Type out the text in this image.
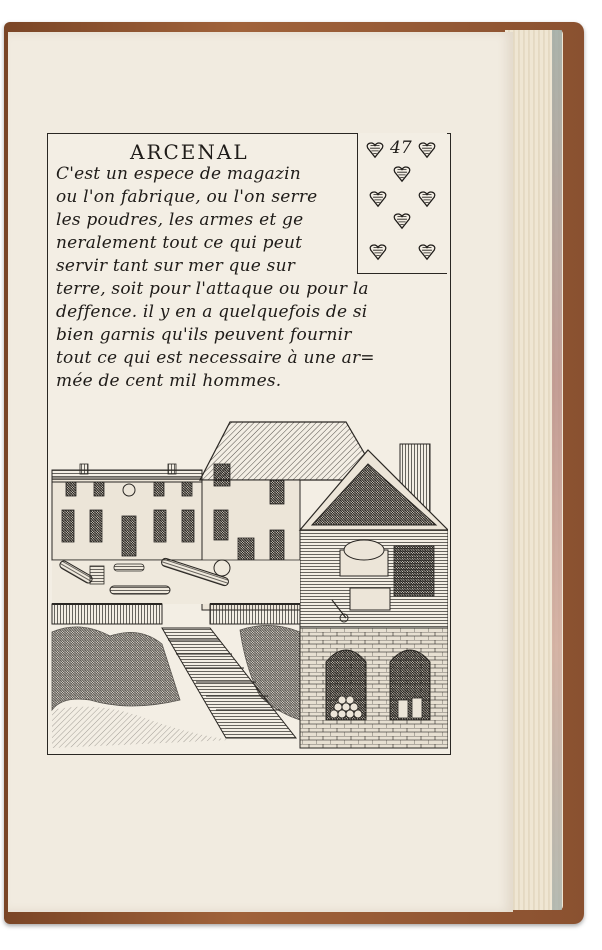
ARCENAL	47
C'est un espece de magazin
ou l'on fabrique, ou l'on serre
les poudres, les armes et ge
neralement tout ce qui peut
servir tant sur mer que sur
terre, soit pour l'attaque ou pour la
deffence. il y en a quelquefois de si
bien garnis qu'ils peuvent fournir
tout ce qui est necessaire à une ar=
mée de cent mil hommes.
